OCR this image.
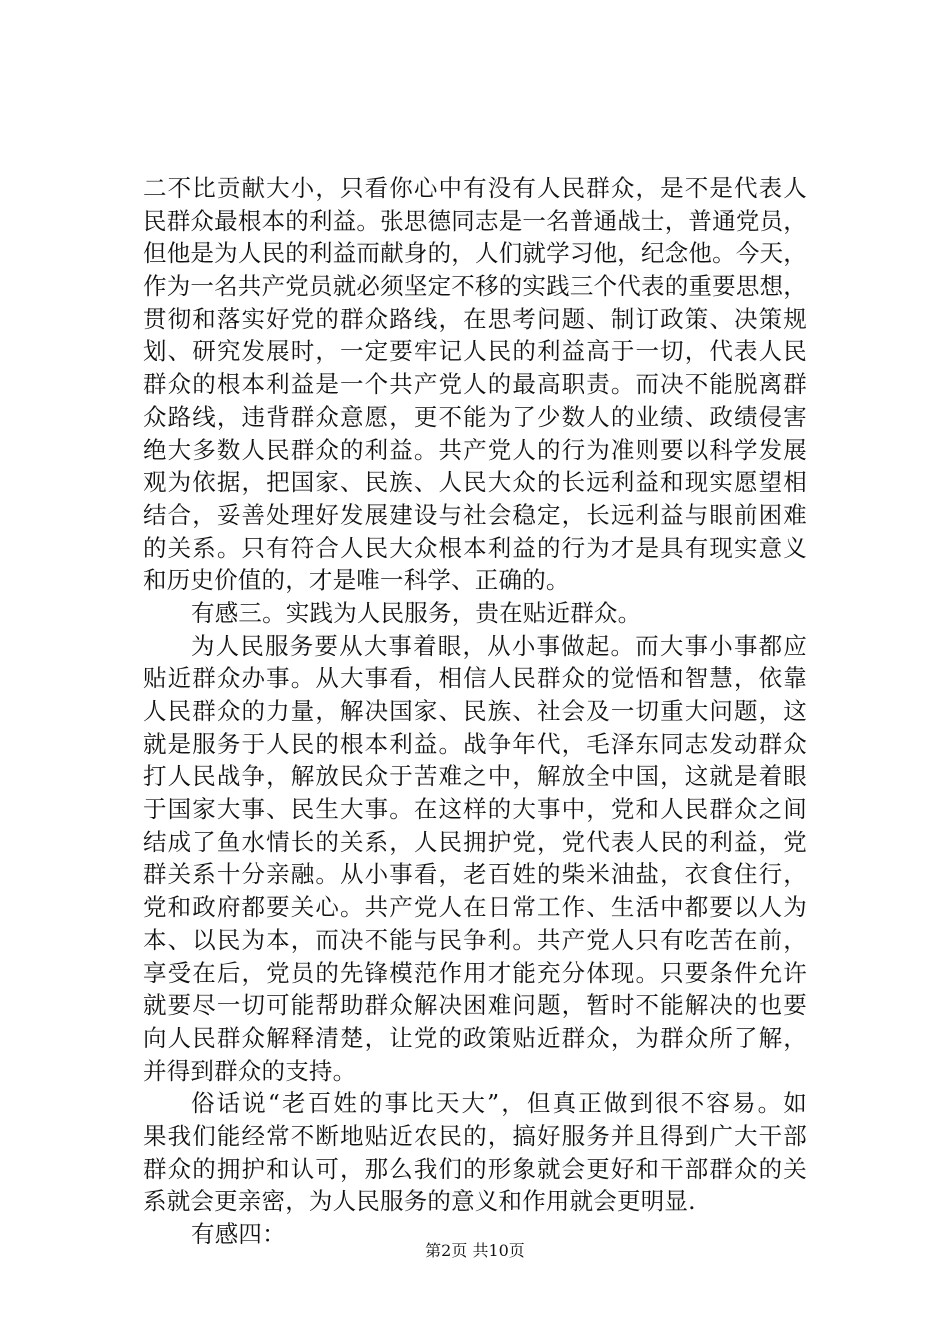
二不比贡献大小，只看你心中有没有人民群众，是不是代表人
民群众最根本的利益。张思德同志是一名普通战士，普通党员，
但他是为人民的利益而献身的，人们就学习他，纪念他。今天，
作为一名共产党员就必须坚定不移的实践三个代表的重要思想，
贯彻和落实好党的群众路线，在思考问题、制订政策、决策规
划、研究发展时，一定要牢记人民的利益高于一切，代表人民
群众的根本利益是一个共产党人的最高职责。而决不能脱离群
众路线，违背群众意愿，更不能为了少数人的业绩、政绩侵害
绝大多数人民群众的利益。共产党人的行为准则要以科学发展
观为依据，把国家、民族、人民大众的长远利益和现实愿望相
结合，妥善处理好发展建设与社会稳定，长远利益与眼前困难
的关系。只有符合人民大众根本利益的行为才是具有现实意义
和历史价值的，才是唯一科学、正确的。
有感三。实践为人民服务，贵在贴近群众。
为人民服务要从大事着眼，从小事做起。而大事小事都应
贴近群众办事。从大事看，相信人民群众的觉悟和智慧，依靠
人民群众的力量，解决国家、民族、社会及一切重大问题，这
就是服务于人民的根本利益。战争年代，毛泽东同志发动群众
打人民战争，解放民众于苦难之中，解放全中国，这就是着眼
于国家大事、民生大事。在这样的大事中，党和人民群众之间
结成了鱼水情长的关系，人民拥护党，党代表人民的利益，党
群关系十分亲融。从小事看，老百姓的柴米油盐，衣食住行，
党和政府都要关心。共产党人在日常工作、生活中都要以人为
本、以民为本，而决不能与民争利。共产党人只有吃苦在前，
享受在后，党员的先锋模范作用才能充分体现。只要条件允许
就要尽一切可能帮助群众解决困难问题，暂时不能解决的也要
向人民群众解释清楚，让党的政策贴近群众，为群众所了解，
并得到群众的支持。
俗话说“老百姓的事比天大”，但真正做到很不容易。如
果我们能经常不断地贴近农民的，搞好服务并且得到广大干部
群众的拥护和认可，那么我们的形象就会更好和干部群众的关
系就会更亲密，为人民服务的意义和作用就会更明显.
有感四：
第2页 共10页
